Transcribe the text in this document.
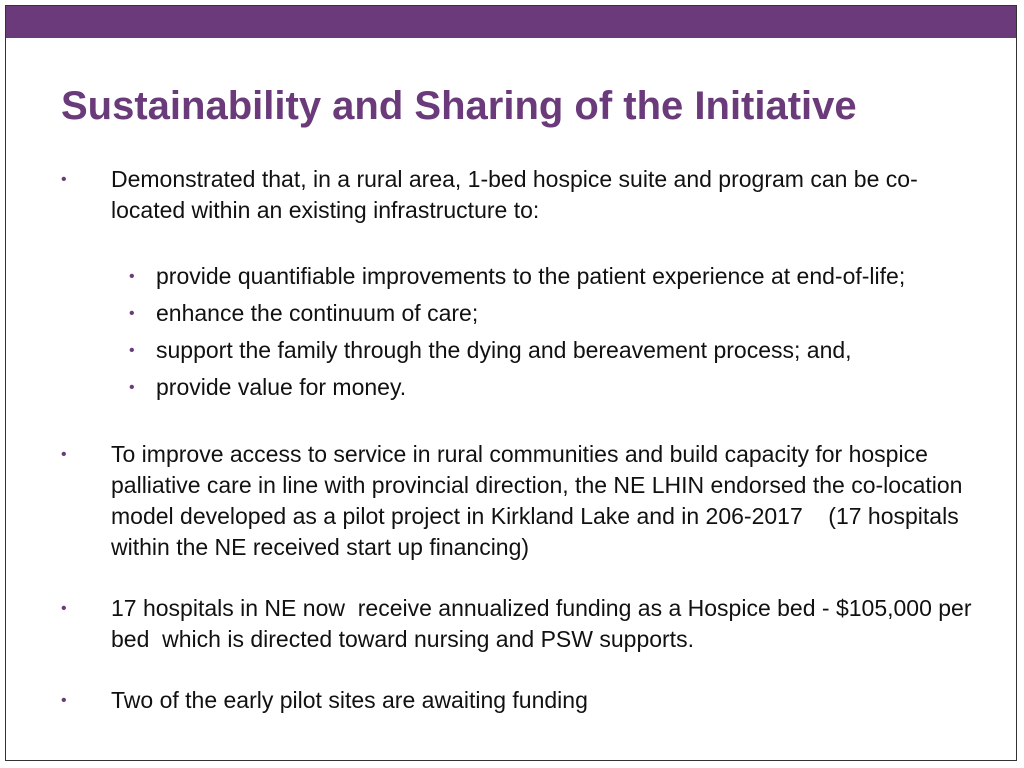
Sustainability and Sharing of the Initiative
• Demonstrated that, in a rural area, 1-bed hospice suite and program can be co-located within an existing infrastructure to:
• provide quantifiable improvements to the patient experience at end-of-life;
• enhance the continuum of care;
• support the family through the dying and bereavement process; and,
• provide value for money.
• To improve access to service in rural communities and build capacity for hospice palliative care in line with provincial direction, the NE LHIN endorsed the co-location model developed as a pilot project in Kirkland Lake and in 206-2017    (17 hospitals within the NE received start up financing)
• 17 hospitals in NE now  receive annualized funding as a Hospice bed - $105,000 per bed  which is directed toward nursing and PSW supports.
• Two of the early pilot sites are awaiting funding
